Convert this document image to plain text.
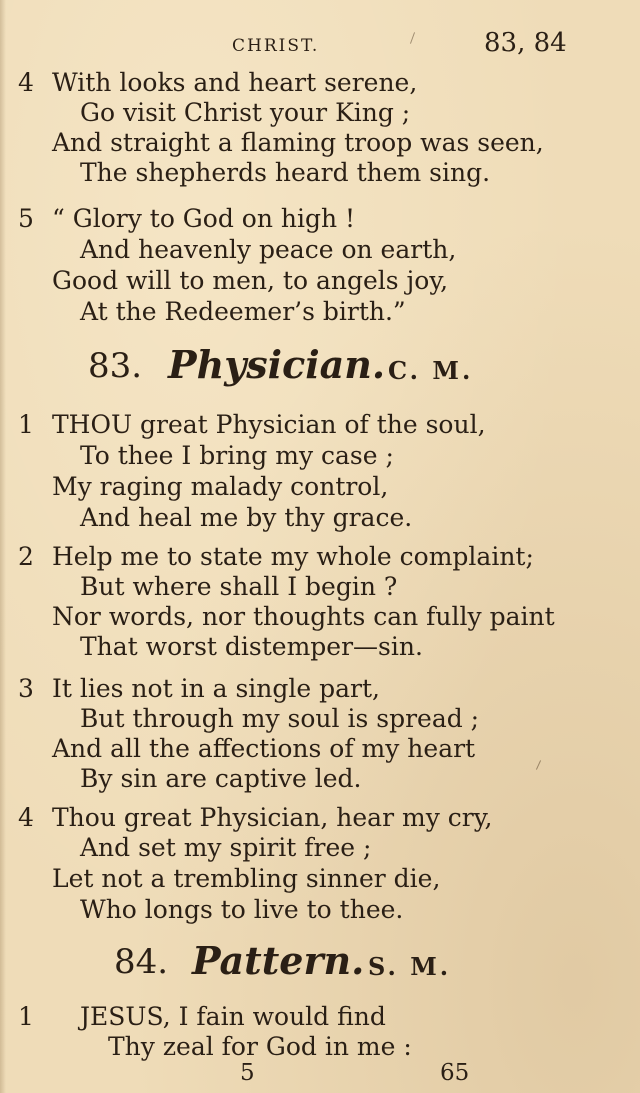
CHRIST.	83, 84
4 With looks and heart serene,
Go visit Christ your King ;
And straight a flaming troop was seen,
The shepherds heard them sing.
5 “ Glory to God on high !
And heavenly peace on earth,
Good will to men, to angels joy,
At the Redeemer’s birth.”
83. Physician. C. M.
1 THOU great Physician of the soul,
To thee I bring my case ;
My raging malady control,
And heal me by thy grace.
2 Help me to state my whole complaint;
But where shall I begin ?
Nor words, nor thoughts can fully paint
That worst distemper—sin.
3 It lies not in a single part,
But through my soul is spread ;
And all the affections of my heart
By sin are captive led.
4 Thou great Physician, hear my cry,
And set my spirit free ;
Let not a trembling sinner die,
Who longs to live to thee.
84. Pattern. S. M.
1 JESUS, I fain would find
Thy zeal for God in me :
5	65
